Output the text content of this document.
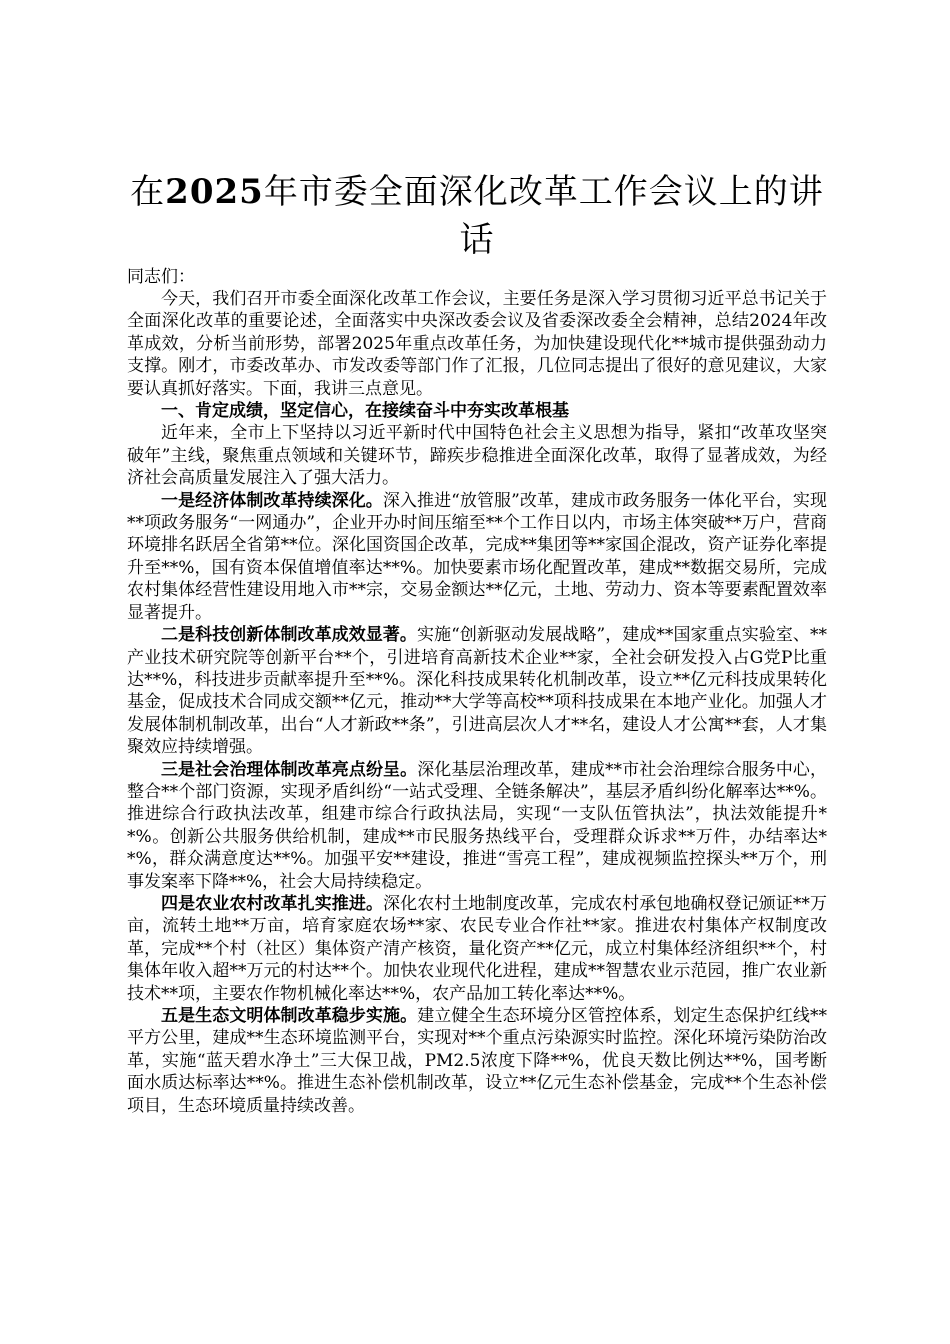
在2025年市委全面深化改革工作会议上的讲话

同志们：

今天，我们召开市委全面深化改革工作会议，主要任务是深入学习贯彻习近平总书记关于全面深化改革的重要论述，全面落实中央深改委会议及省委深改委全会精神，总结2024年改革成效，分析当前形势，部署2025年重点改革任务，为加快建设现代化**城市提供强劲动力支撑。刚才，市委改革办、市发改委等部门作了汇报，几位同志提出了很好的意见建议，大家要认真抓好落实。下面，我讲三点意见。

一、肯定成绩，坚定信心，在接续奋斗中夯实改革根基

近年来，全市上下坚持以习近平新时代中国特色社会主义思想为指导，紧扣“改革攻坚突破年”主线，聚焦重点领域和关键环节，蹄疾步稳推进全面深化改革，取得了显著成效，为经济社会高质量发展注入了强大活力。

一是经济体制改革持续深化。深入推进“放管服”改革，建成市政务服务一体化平台，实现**项政务服务“一网通办”，企业开办时间压缩至**个工作日以内，市场主体突破**万户，营商环境排名跃居全省第**位。深化国资国企改革，完成**集团等**家国企混改，资产证券化率提升至**%，国有资本保值增值率达**%。加快要素市场化配置改革，建成**数据交易所，完成农村集体经营性建设用地入市**宗，交易金额达**亿元，土地、劳动力、资本等要素配置效率显著提升。

二是科技创新体制改革成效显著。实施“创新驱动发展战略”，建成**国家重点实验室、**产业技术研究院等创新平台**个，引进培育高新技术企业**家，全社会研发投入占G党P比重达**%，科技进步贡献率提升至**%。深化科技成果转化机制改革，设立**亿元科技成果转化基金，促成技术合同成交额**亿元，推动**大学等高校**项科技成果在本地产业化。加强人才发展体制机制改革，出台“人才新政**条”，引进高层次人才**名，建设人才公寓**套，人才集聚效应持续增强。

三是社会治理体制改革亮点纷呈。深化基层治理改革，建成**市社会治理综合服务中心，整合**个部门资源，实现矛盾纠纷“一站式受理、全链条解决”，基层矛盾纠纷化解率达**%。推进综合行政执法改革，组建市综合行政执法局，实现“一支队伍管执法”，执法效能提升**%。创新公共服务供给机制，建成**市民服务热线平台，受理群众诉求**万件，办结率达**%，群众满意度达**%。加强平安**建设，推进“雪亮工程”，建成视频监控探头**万个，刑事发案率下降**%，社会大局持续稳定。

四是农业农村改革扎实推进。深化农村土地制度改革，完成农村承包地确权登记颁证**万亩，流转土地**万亩，培育家庭农场**家、农民专业合作社**家。推进农村集体产权制度改革，完成**个村（社区）集体资产清产核资，量化资产**亿元，成立村集体经济组织**个，村集体年收入超**万元的村达**个。加快农业现代化进程，建成**智慧农业示范园，推广农业新技术**项，主要农作物机械化率达**%，农产品加工转化率达**%。

五是生态文明体制改革稳步实施。建立健全生态环境分区管控体系，划定生态保护红线**平方公里，建成**生态环境监测平台，实现对**个重点污染源实时监控。深化环境污染防治改革，实施“蓝天碧水净土”三大保卫战，PM2.5浓度下降**%，优良天数比例达**%，国考断面水质达标率达**%。推进生态补偿机制改革，设立**亿元生态补偿基金，完成**个生态补偿项目，生态环境质量持续改善。
